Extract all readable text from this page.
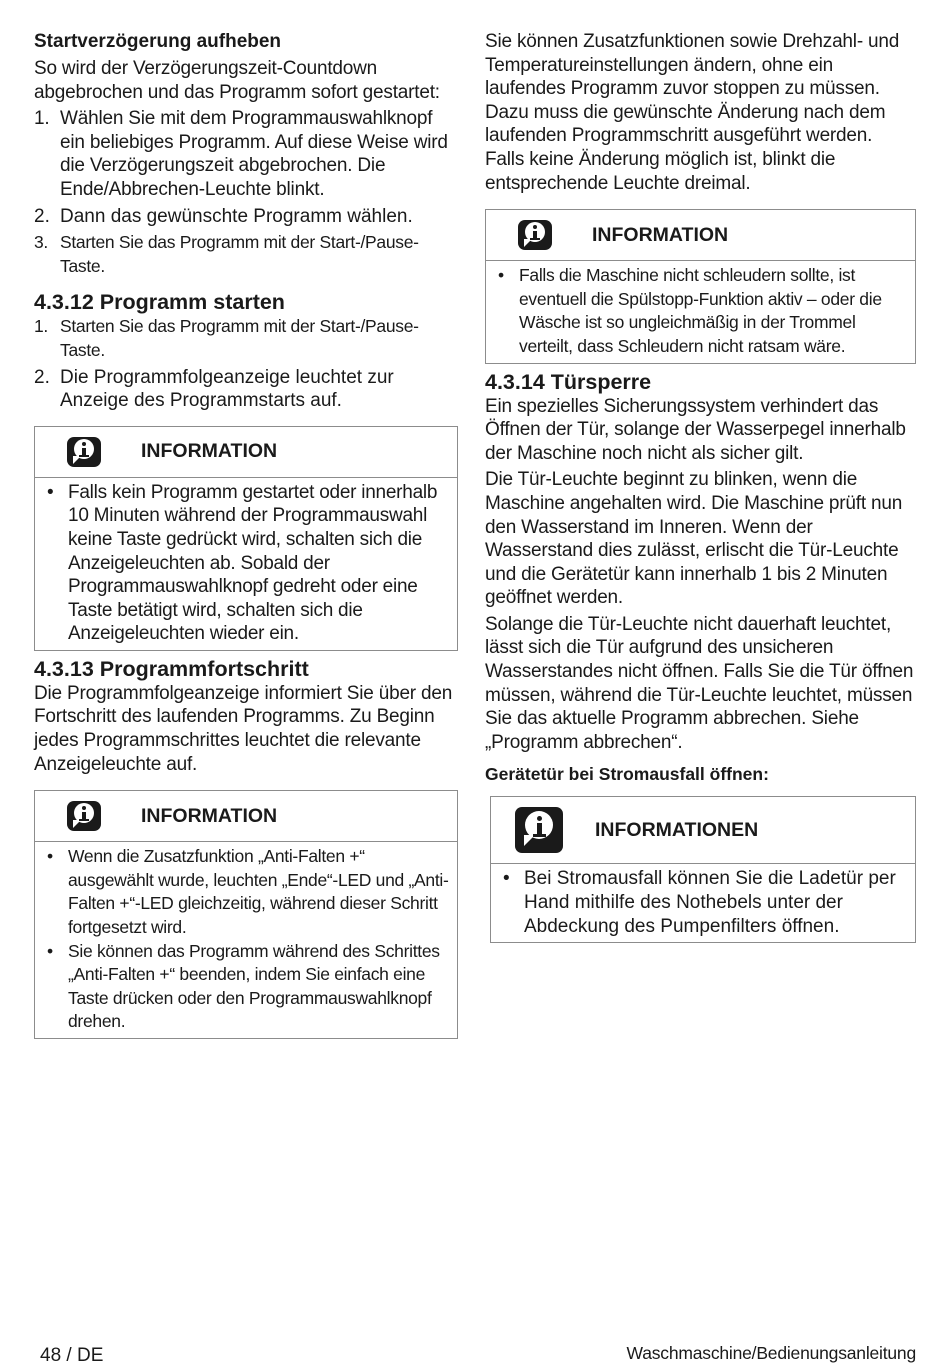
Startverzögerung aufheben

So wird der Verzögerungszeit-Countdown abgebrochen und das Programm sofort gestartet:

1. Wählen Sie mit dem Programmauswahlknopf ein beliebiges Programm. Auf diese Weise wird die Verzögerungszeit abgebrochen. Die Ende/Abbrechen-Leuchte blinkt.
2. Dann das gewünschte Programm wählen.
3. Starten Sie das Programm mit der Start-/Pause-Taste.
4.3.12 Programm starten
1. Starten Sie das Programm mit der Start-/Pause-Taste.
2. Die Programmfolgeanzeige leuchtet zur Anzeige des Programmstarts auf.
INFORMATION
• Falls kein Programm gestartet oder innerhalb 10 Minuten während der Programmauswahl keine Taste gedrückt wird, schalten sich die Anzeigeleuchten ab. Sobald der Programmauswahlknopf gedreht oder eine Taste betätigt wird, schalten sich die Anzeigeleuchten wieder ein.
4.3.13 Programmfortschritt

Die Programmfolgeanzeige informiert Sie über den Fortschritt des laufenden Programms. Zu Beginn jedes Programmschrittes leuchtet die relevante Anzeigeleuchte auf.

INFORMATION
• Wenn die Zusatzfunktion „Anti-Falten +“ ausgewählt wurde, leuchten „Ende“-LED und „Anti-Falten +“-LED gleichzeitig, während dieser Schritt fortgesetzt wird.
• Sie können das Programm während des Schrittes „Anti-Falten +“ beenden, indem Sie einfach eine Taste drücken oder den Programmauswahlknopf drehen.

Sie können Zusatzfunktionen sowie Drehzahl- und Temperatureinstellungen ändern, ohne ein laufendes Programm zuvor stoppen zu müssen. Dazu muss die gewünschte Änderung nach dem laufenden Programmschritt ausgeführt werden. Falls keine Änderung möglich ist, blinkt die entsprechende Leuchte dreimal.

INFORMATION
• Falls die Maschine nicht schleudern sollte, ist eventuell die Spülstopp-Funktion aktiv – oder die Wäsche ist so ungleichmäßig in der Trommel verteilt, dass Schleudern nicht ratsam wäre.
4.3.14 Türsperre

Ein spezielles Sicherungssystem verhindert das Öffnen der Tür, solange der Wasserpegel innerhalb der Maschine noch nicht als sicher gilt.

Die Tür-Leuchte beginnt zu blinken, wenn die Maschine angehalten wird. Die Maschine prüft nun den Wasserstand im Inneren. Wenn der Wasserstand dies zulässt, erlischt die Tür-Leuchte und die Gerätetür kann innerhalb 1 bis 2 Minuten geöffnet werden.

Solange die Tür-Leuchte nicht dauerhaft leuchtet, lässt sich die Tür aufgrund des unsicheren Wasserstandes nicht öffnen. Falls Sie die Tür öffnen müssen, während die Tür-Leuchte leuchtet, müssen Sie das aktuelle Programm abbrechen. Siehe „Programm abbrechen“.

Gerätetür bei Stromausfall öffnen:
INFORMATIONEN
• Bei Stromausfall können Sie die Ladetür per Hand mithilfe des Nothebels unter der Abdeckung des Pumpenfilters öffnen.
48 / DE	Waschmaschine/Bedienungsanleitung
